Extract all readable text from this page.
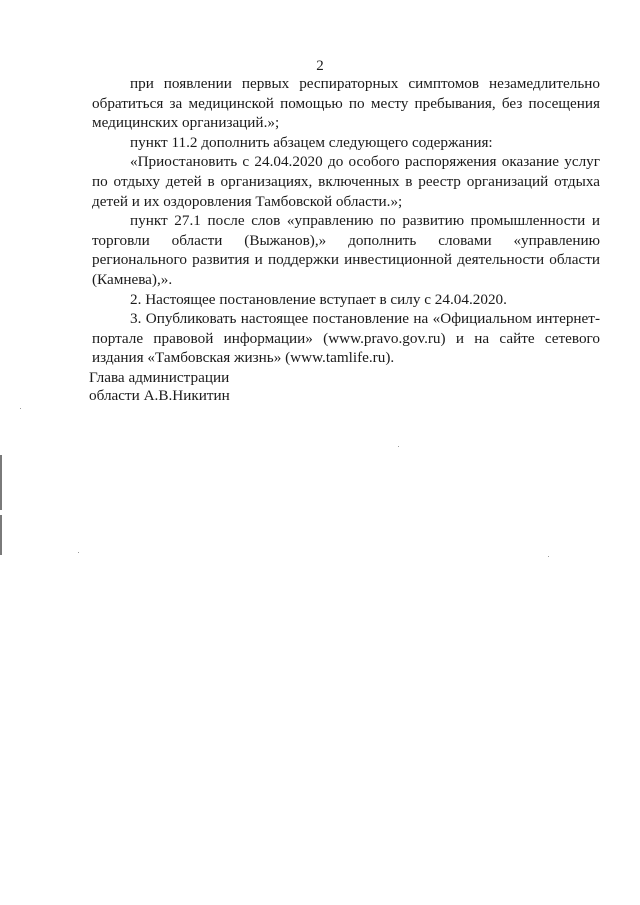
2

при появлении первых респираторных симптомов незамедлительно обратиться за медицинской помощью по месту пребывания, без посещения медицинских организаций.»;

пункт 11.2 дополнить абзацем следующего содержания:

«Приостановить с 24.04.2020 до особого распоряжения оказание услуг по отдыху детей в организациях, включенных в реестр организаций отдыха детей и их оздоровления Тамбовской области.»;

пункт 27.1 после слов «управлению по развитию промышленности и торговли области (Выжанов),» дополнить словами «управлению регионального развития и поддержки инвестиционной деятельности области (Камнева),».

2. Настоящее постановление вступает в силу с 24.04.2020.

3. Опубликовать настоящее постановление на «Официальном интернет-портале правовой информации» (www.pravo.gov.ru) и на сайте сетевого издания «Тамбовская жизнь» (www.tamlife.ru).

Глава администрации
области А.В.Никитин
